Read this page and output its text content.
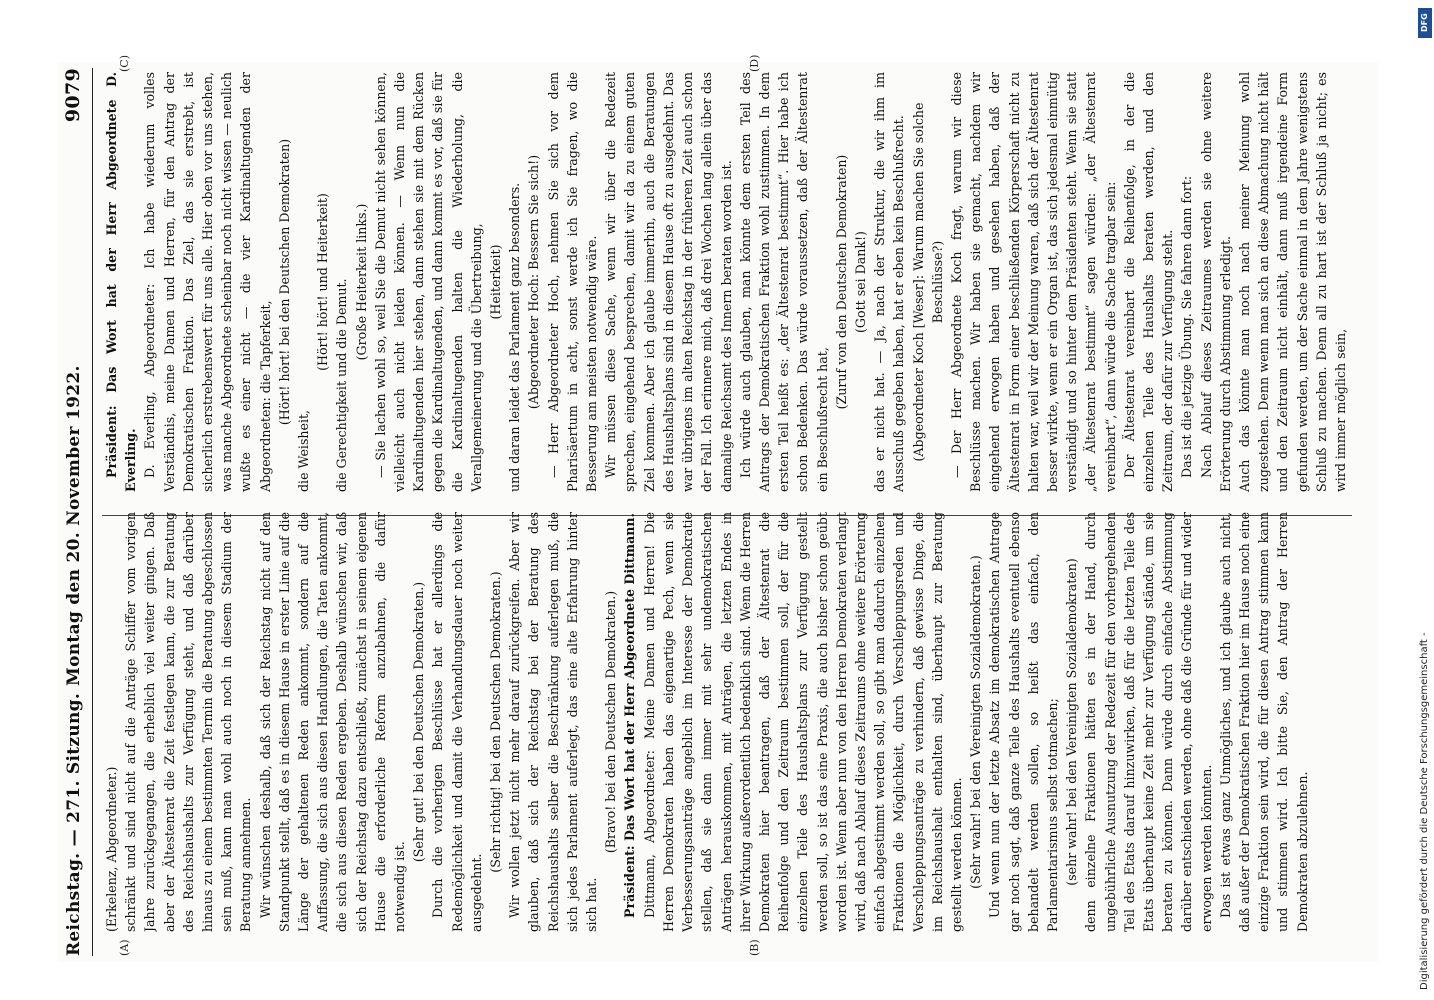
Reichstag. — 271. Sitzung.
Montag den 20. November 1922.
9079
(A)	(B)
(C)	(D)

(Erkelenz, Abgeordneter.) schränkt und sind nicht auf die Anträge Schiffer vom vorigen Jahre zurückgegangen, die erheblich viel weiter gingen. Daß aber der Ältestenrat die Zeit festlegen kann, die zur Beratung des Reichshaushalts zur Verfügung steht, und daß darüber hinaus zu einem bestimmten Termin die Beratung abgeschlossen sein muß, kann man wohl auch noch in diesem Stadium der Beratung annehmen. Wir wünschen deshalb, daß sich der Reichstag nicht auf den Standpunkt stellt, daß es in diesem Hause in erster Linie auf die Länge der gehaltenen Reden ankommt, sondern auf die Auffassung, die sich aus diesen Handlungen, die Taten ankommt, die sich aus diesen Reden ergeben. Deshalb wünschen wir, daß sich der Reichstag dazu entschließt, zunächst in seinem eigenen Hause die erforderliche Reform anzubahnen, die dafür notwendig ist.

(Sehr gut! bei den Deutschen Demokraten.) Durch die vorherigen Beschlüsse hat er allerdings die Redemöglichkeit und damit die Verhandlungsdauer noch weiter ausgedehnt.

(Sehr richtig! bei den Deutschen Demokraten.) Wir wollen jetzt nicht mehr darauf zurückgreifen. Aber wir glauben, daß sich der Reichstag bei der Beratung des Reichshaushalts selber die Beschränkung auferlegen muß, die sich jedes Parlament auferlegt, das eine alte Erfahrung hinter sich hat.

(Bravo! bei den Deutschen Demokraten.) Präsident: Das Wort hat der Herr Abgeordnete Dittmann. Dittmann, Abgeordneter: Meine Damen und Herren! Die Herren Demokraten haben das eigenartige Pech, wenn sie Verbesserungsanträge angeblich im Interesse der Demokratie stellen, daß sie dann immer mit sehr undemokratischen Anträgen herauskommen, mit Anträgen, die letzten Endes in ihrer Wirkung außerordentlich bedenklich sind. Wenn die Herren Demokraten hier beantragen, daß der Ältestenrat die Reihenfolge und den Zeitraum bestimmen soll, der für die einzelnen Teile des Haushaltsplans zur Verfügung gestellt werden soll, so ist das eine Praxis, die auch bisher schon geübt worden ist. Wenn aber nun von den Herren Demokraten verlangt wird, daß nach Ablauf dieses Zeitraums ohne weitere Erörterung einfach abgestimmt werden soll, so gibt man dadurch einzelnen Fraktionen die Möglichkeit, durch Verschleppungsreden und Verschleppungsanträge zu verhindern, daß gewisse Dinge, die im Reichshaushalt enthalten sind, überhaupt zur Beratung gestellt werden können. (Sehr wahr! bei den Vereinigten Sozialdemokraten.) Und wenn nun der letzte Absatz im demokratischen Antrage gar noch sagt, daß ganze Teile des Haushalts eventuell ebenso behandelt werden sollen, so heißt das einfach, den Parlamentarismus selbst totmachen; (sehr wahr! bei den Vereinigten Sozialdemokraten) denn einzelne Fraktionen hätten es in der Hand, durch ungebührliche Ausnutzung der Redezeit für den vorhergehenden Teil des Etats darauf hinzuwirken, daß für die letzten Teile des Etats überhaupt keine Zeit mehr zur Verfügung stände, um sie beraten zu können. Dann würde durch einfache Abstimmung darüber entschieden werden, ohne daß die Gründe für und wider erwogen werden könnten. Das ist etwas ganz Unmögliches, und ich glaube auch nicht, daß außer der Demokratischen Fraktion hier im Hause noch eine einzige Fraktion sein wird, die für diesen Antrag stimmen kann und stimmen wird. Ich bitte Sie, den Antrag der Herren Demokraten abzulehnen.

Präsident: Das Wort hat der Herr Abgeordnete D. Everling. D. Everling, Abgeordneter: Ich habe wiederum volles Verständnis, meine Damen und Herren, für den Antrag der Demokratischen Fraktion. Das Ziel, das sie erstrebt, ist sicherlich erstrebenswert für uns alle. Hier oben vor uns stehen, was manche Abgeordnete scheinbar noch nicht wissen — neulich wußte es einer nicht — die vier Kardinaltugenden der Abgeordneten: die Tapferkeit, (Hört! hört! bei den Deutschen Demokraten)

die Weisheit,

(Hört! hört! und Heiterkeit) die Gerechtigkeit und die Demut. (Große Heiterkeit links.) — Sie lachen wohl so, weil Sie die Demut nicht sehen können, vielleicht auch nicht leiden können. — Wenn nun die Kardinaltugenden hier stehen, dann stehen sie mit dem Rücken gegen die Kardinaltugenden, und dann kommt es vor, daß sie für die Kardinaltugenden halten die Wiederholung, die Verallgemeinerung und die Übertreibung, (Heiterkeit) und daran leidet das Parlament ganz besonders. (Abgeordneter Hoch: Bessern Sie sich!) — Herr Abgeordneter Hoch, nehmen Sie sich vor dem Pharisäertum in acht, sonst werde ich Sie fragen, wo die Besserung am meisten notwendig wäre. Wir müssen diese Sache, wenn wir über die Redezeit sprechen, eingehend besprechen, damit wir da zu einem guten Ziel kommen. Aber ich glaube immerhin, auch die Beratungen des Haushaltsplans sind in diesem Hause oft zu ausgedehnt. Das war übrigens im alten Reichstag in der früheren Zeit auch schon der Fall. Ich erinnere mich, daß drei Wochen lang allein über das damalige Reichsamt des Innern beraten worden ist. Ich würde auch glauben, man könnte dem ersten Teil des Antrags der Demokratischen Fraktion wohl zustimmen. In dem ersten Teil heißt es: „der Ältestenrat bestimmt“. Hier habe ich schon Bedenken. Das würde voraussetzen, daß der Ältestenrat ein Beschlußrecht hat,

(Zuruf von den Deutschen Demokraten) (Gott sei Dank!) das er nicht hat. — Ja, nach der Struktur, die wir ihm im Ausschuß gegeben haben, hat er eben kein Beschlußrecht. (Abgeordneter Koch [Weser]: Warum machen Sie solche Beschlüsse?) — Der Herr Abgeordnete Koch fragt, warum wir diese Beschlüsse machen. Wir haben sie gemacht, nachdem wir eingehend erwogen haben und gesehen haben, daß der Ältestenrat in Form einer beschließenden Körperschaft nicht zu halten war, weil wir der Meinung waren, daß sich der Ältestenrat besser wirkte, wenn er ein Organ ist, das sich jedesmal einmütig verständigt und so hinter dem Präsidenten steht. Wenn sie statt „der Ältestenrat bestimmt“ sagen würden: „der Ältestenrat vereinbart“, dann würde die Sache tragbar sein: Der Ältestenrat vereinbart die Reihenfolge, in der die einzelnen Teile des Haushalts beraten werden, und den Zeitraum, der dafür zur Verfügung steht. Das ist die jetzige Übung. Sie fahren dann fort: Nach Ablauf dieses Zeitraumes werden sie ohne weitere Erörterung durch Abstimmung erledigt. Auch das könnte man noch nach meiner Meinung wohl zugestehen. Denn wenn man sich an diese Abmachung nicht hält und den Zeitraum nicht einhält, dann muß irgendeine Form gefunden werden, um der Sache einmal in dem Jahre wenigstens Schluß zu machen. Denn all zu hart ist der Schluß ja nicht; es wird immer möglich sein,

Digitalisierung gefördert durch die Deutsche Forschungsgemeinschaft -
DFG
